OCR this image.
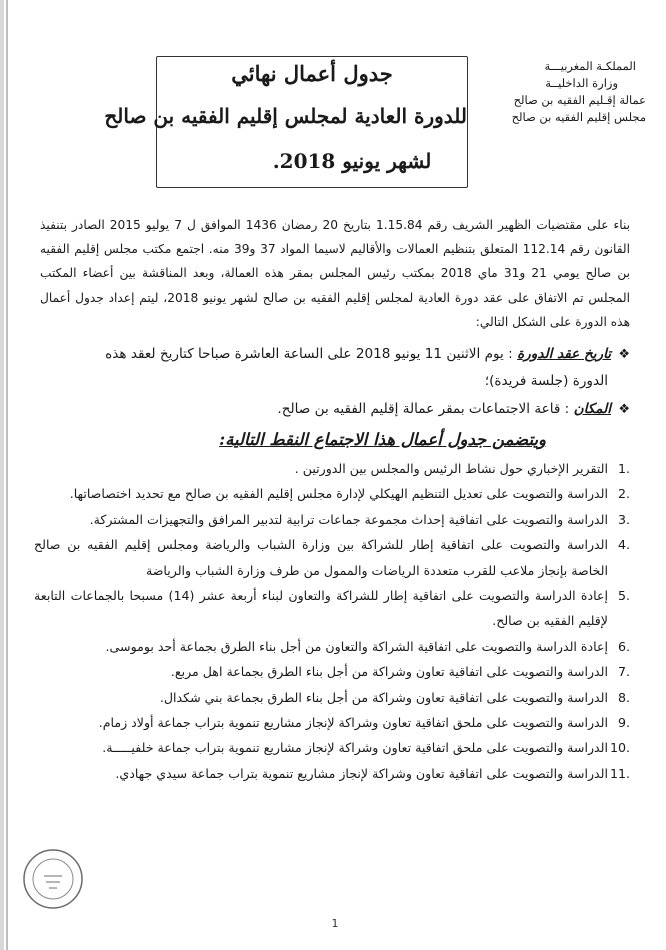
المملكـة المغربيـــة
وزارة الداخليــة
عمالة إقـليم الفقيه بن صالح
مجلس إقليم الفقيه بن صالح
جدول أعمال نهائي
للدورة العادية لمجلس إقليم الفقيه بن صالح
لشهر يونيو 2018.
بناء على مقتضيات الظهير الشريف رقم 1.15.84 بتاريخ 20 رمضان 1436 الموافق ل 7 يوليو 2015 الصادر بتنفيذ القانون رقم 112.14 المتعلق بتنظيم العمالات والأقاليم لاسيما المواد 37 و39 منه. اجتمع مكتب مجلس إقليم الفقيه بن صالح يومي 21 و31 ماي 2018 بمكتب رئيس المجلس بمقر هذه العمالة، وبعد المناقشة بين أعضاء المكتب المجلس تم الاتفاق على عقد دورة العادية لمجلس إقليم الفقيه بن صالح لشهر يونيو 2018، ليتم إعداد جدول أعمال هذه الدورة على الشكل التالي:
❖ تاريخ عقد الدورة : يوم الاثنين 11 يونيو 2018 على الساعة العاشرة صباحا كتاريخ لعقد هذه
الدورة (جلسة فريدة)؛
❖ المكان : قاعة الاجتماعات بمقر عمالة إقليم الفقيه بن صالح.
ويتضمن جدول أعمال هذا الاجتماع النقط التالية:
1.
التقرير الإخباري حول نشاط الرئيس والمجلس بين الدورتين .
2.
الدراسة والتصويت على تعديل التنظيم الهيكلي لإدارة مجلس إقليم الفقيه بن صالح مع تحديد اختصاصاتها.
3.
الدراسة والتصويت على اتفاقية إحداث مجموعة جماعات ترابية لتدبير المرافق والتجهيزات المشتركة.
4.
الدراسة والتصويت على اتفاقية إطار للشراكة بين وزارة الشباب والرياضة ومجلس إقليم الفقيه بن صالح الخاصة بإنجاز ملاعب للقرب متعددة الرياضات والممول من طرف وزارة الشباب والرياضة
5.
إعادة الدراسة والتصويت على اتفاقية إطار للشراكة والتعاون لبناء أربعة عشر (14) مسبحا بالجماعات التابعة لإقليم الفقيه بن صالح.
6.
إعادة الدراسة والتصويت على اتفاقية الشراكة والتعاون من أجل بناء الطرق بجماعة أحد بوموسى.
7.
الدراسة والتصويت على اتفاقية تعاون وشراكة من أجل بناء الطرق بجماعة اهل مربع.
8.
الدراسة والتصويت على اتفاقية تعاون وشراكة من أجل بناء الطرق بجماعة بني شكدال.
9.
الدراسة والتصويت على ملحق اتفاقية تعاون وشراكة لإنجاز مشاريع تنموية بتراب جماعة أولاد زمام.
10.
الدراسة والتصويت على ملحق اتفاقية تعاون وشراكة لإنجاز مشاريع تنموية بتراب جماعة خلفيـــــة.
11.
الدراسة والتصويت على اتفاقية تعاون وشراكة لإنجاز مشاريع تنموية بتراب جماعة سيدي جهادي.
1
